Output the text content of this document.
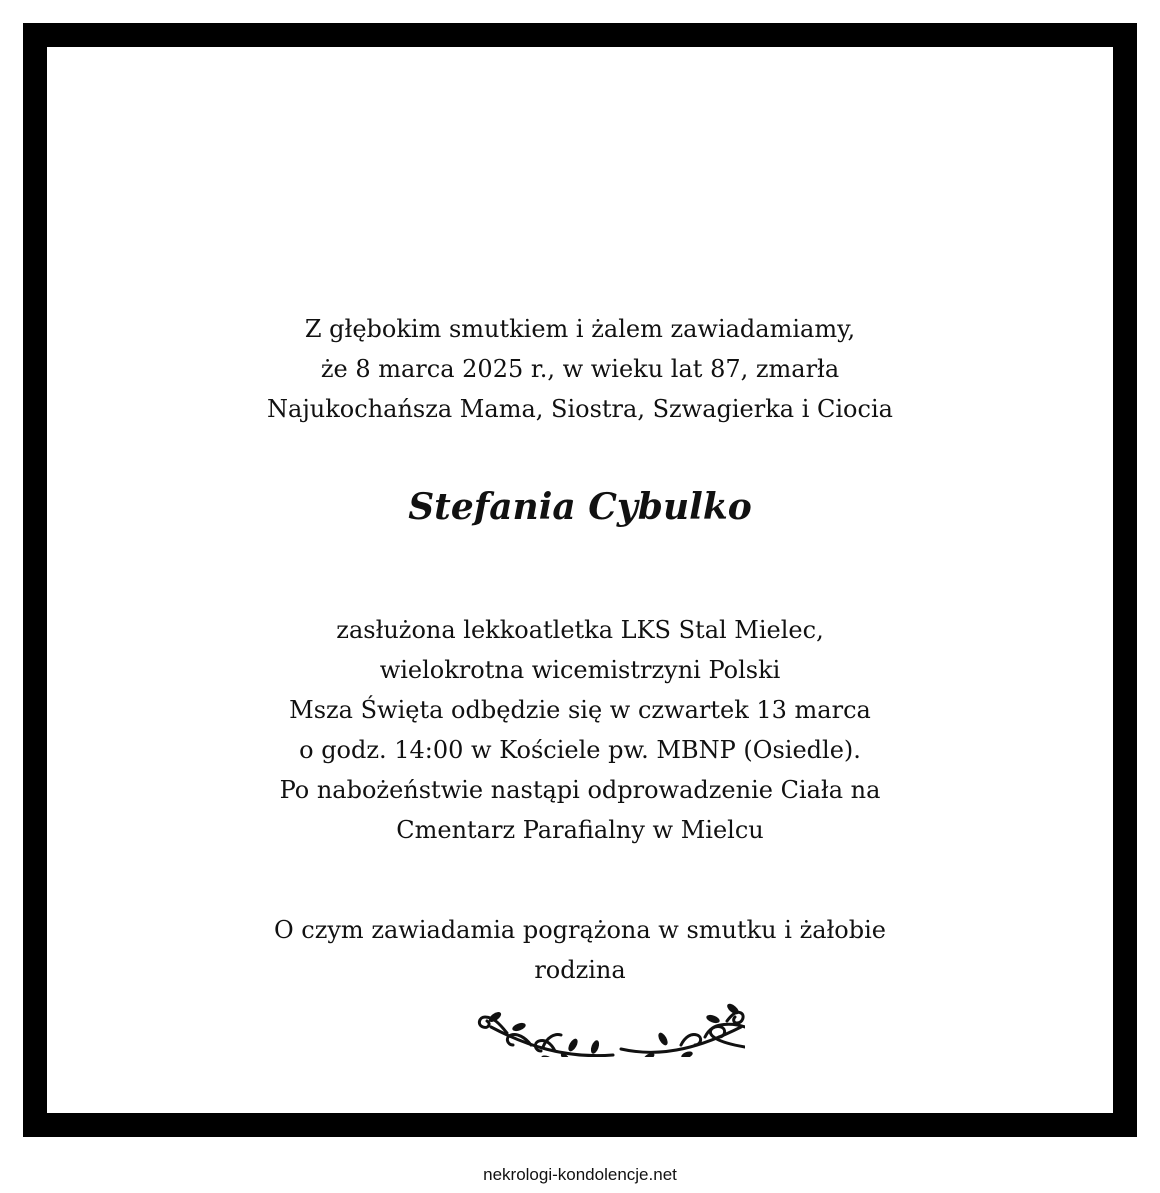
Z głębokim smutkiem i żalem zawiadamiamy,
że 8 marca 2025 r., w wieku lat 87, zmarła
Najukochańsza Mama, Siostra, Szwagierka i Ciocia
Stefania Cybulko
zasłużona lekkoatletka LKS Stal Mielec,
wielokrotna wicemistrzyni Polski
Msza Święta odbędzie się w czwartek 13 marca
o godz. 14:00 w Kościele pw. MBNP (Osiedle).
Po nabożeństwie nastąpi odprowadzenie Ciała na
Cmentarz Parafialny w Mielcu
O czym zawiadamia pogrążona w smutku i żałobie
rodzina
nekrologi-kondolencje.net
